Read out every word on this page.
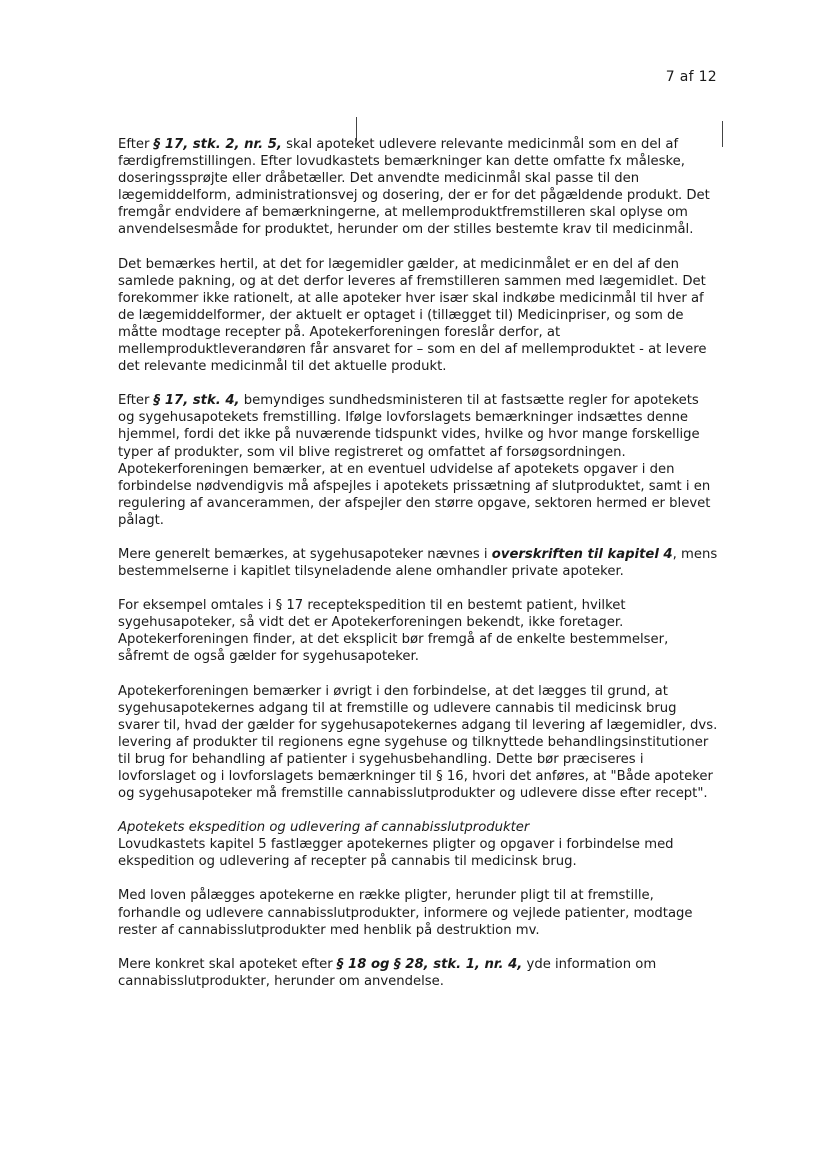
7 af 12

Efter § 17, stk. 2, nr. 5, skal apoteket udlevere relevante medicinmål som en del af færdigfremstillingen. Efter lovudkastets bemærkninger kan dette omfatte fx måleske, doseringssprøjte eller dråbetæller. Det anvendte medicinmål skal passe til den lægemiddelform, administrationsvej og dosering, der er for det pågældende produkt. Det fremgår endvidere af bemærkningerne, at mellemproduktfremstilleren skal oplyse om anvendelsesmåde for produktet, herunder om der stilles bestemte krav til medicinmål.

Det bemærkes hertil, at det for lægemidler gælder, at medicinmålet er en del af den samlede pakning, og at det derfor leveres af fremstilleren sammen med lægemidlet. Det forekommer ikke rationelt, at alle apoteker hver især skal indkøbe medicinmål til hver af de lægemiddelformer, der aktuelt er optaget i (tillægget til) Medicinpriser, og som de måtte modtage recepter på. Apotekerforeningen foreslår derfor, at mellemproduktleverandøren får ansvaret for – som en del af mellemproduktet - at levere det relevante medicinmål til det aktuelle produkt.

Efter § 17, stk. 4, bemyndiges sundhedsministeren til at fastsætte regler for apotekets og sygehusapotekets fremstilling. Ifølge lovforslagets bemærkninger indsættes denne hjemmel, fordi det ikke på nuværende tidspunkt vides, hvilke og hvor mange forskellige typer af produkter, som vil blive registreret og omfattet af forsøgsordningen. Apotekerforeningen bemærker, at en eventuel udvidelse af apotekets opgaver i den forbindelse nødvendigvis må afspejles i apotekets prissætning af slutproduktet, samt i en regulering af avancerammen, der afspejler den større opgave, sektoren hermed er blevet pålagt.

Mere generelt bemærkes, at sygehusapoteker nævnes i overskriften til kapitel 4, mens bestemmelserne i kapitlet tilsyneladende alene omhandler private apoteker.

For eksempel omtales i § 17 receptekspedition til en bestemt patient, hvilket sygehusapoteker, så vidt det er Apotekerforeningen bekendt, ikke foretager. Apotekerforeningen finder, at det eksplicit bør fremgå af de enkelte bestemmelser, såfremt de også gælder for sygehusapoteker.

Apotekerforeningen bemærker i øvrigt i den forbindelse, at det lægges til grund, at sygehusapotekernes adgang til at fremstille og udlevere cannabis til medicinsk brug svarer til, hvad der gælder for sygehusapotekernes adgang til levering af lægemidler, dvs. levering af produkter til regionens egne sygehuse og tilknyttede behandlingsinstitutioner til brug for behandling af patienter i sygehusbehandling. Dette bør præciseres i lovforslaget og i lovforslagets bemærkninger til § 16, hvori det anføres, at "Både apoteker og sygehusapoteker må fremstille cannabisslutprodukter og udlevere disse efter recept".

Apotekets ekspedition og udlevering af cannabisslutprodukter

Lovudkastets kapitel 5 fastlægger apotekernes pligter og opgaver i forbindelse med ekspedition og udlevering af recepter på cannabis til medicinsk brug.

Med loven pålægges apotekerne en række pligter, herunder pligt til at fremstille, forhandle og udlevere cannabisslutprodukter, informere og vejlede patienter, modtage rester af cannabisslutprodukter med henblik på destruktion mv.

Mere konkret skal apoteket efter § 18 og § 28, stk. 1, nr. 4, yde information om cannabisslutprodukter, herunder om anvendelse.
